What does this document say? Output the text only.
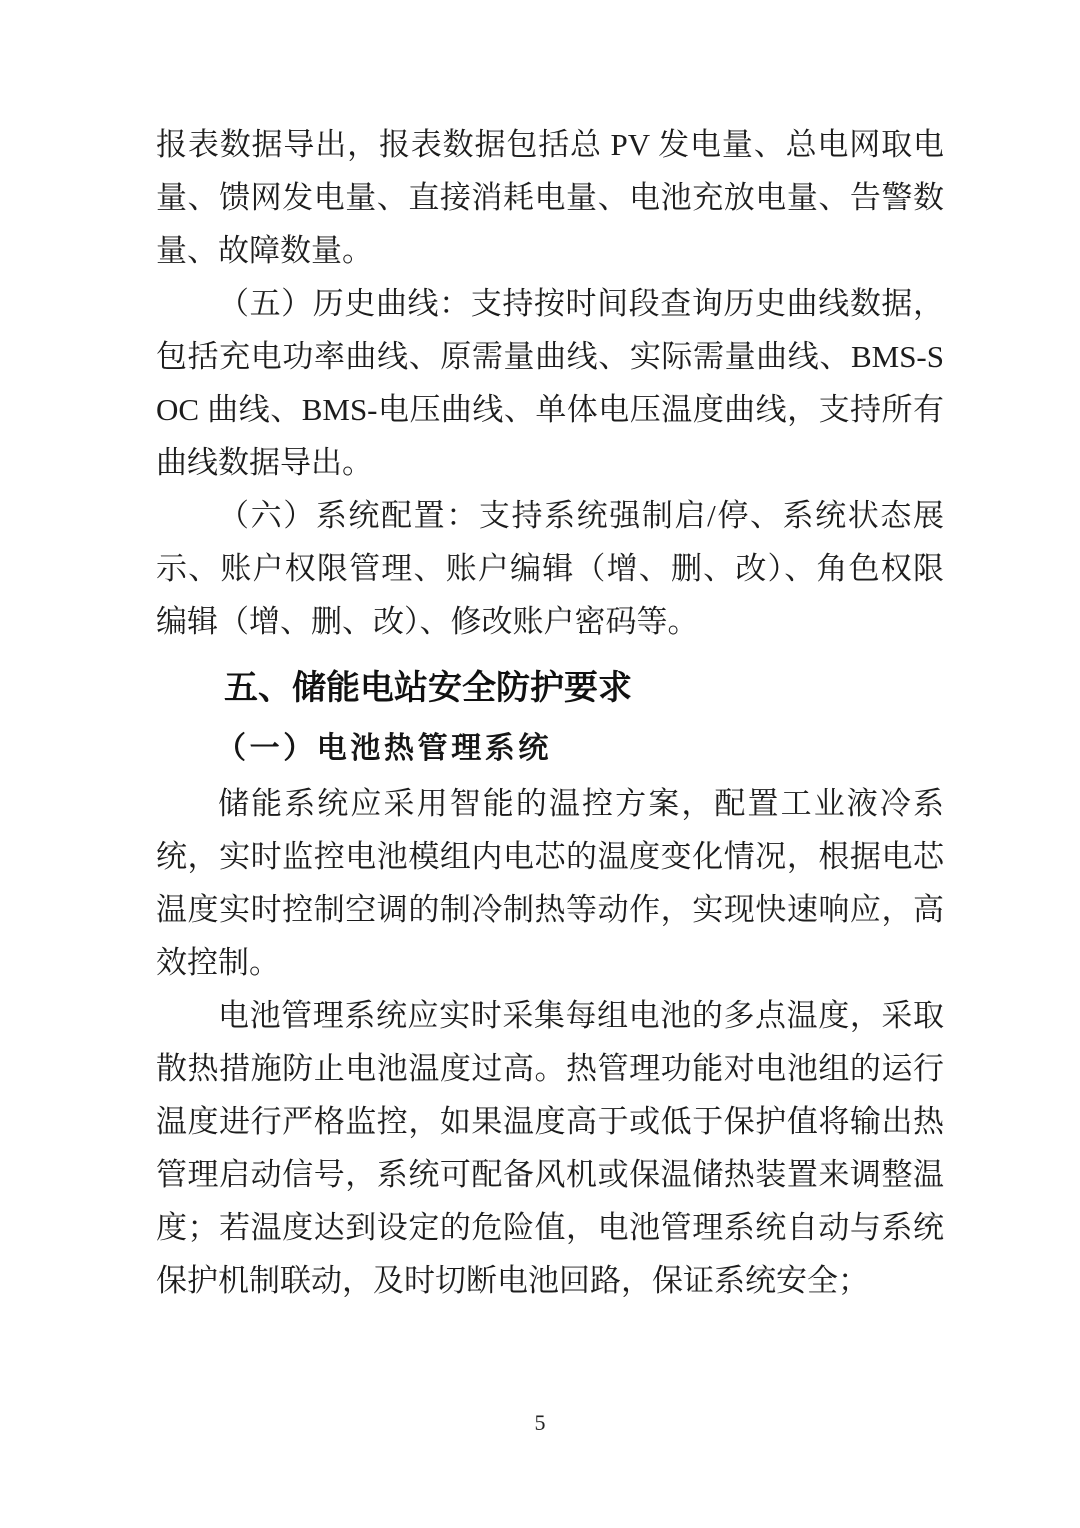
报表数据导出，报表数据包括总 PV 发电量、总电网取电量、馈网发电量、直接消耗电量、电池充放电量、告警数量、故障数量。

（五）历史曲线：支持按时间段查询历史曲线数据，包括充电功率曲线、原需量曲线、实际需量曲线、BMS-SOC 曲线、BMS-电压曲线、单体电压温度曲线，支持所有曲线数据导出。

（六）系统配置：支持系统强制启/停、系统状态展示、账户权限管理、账户编辑（增、删、改）、角色权限编辑（增、删、改）、修改账户密码等。

五、储能电站安全防护要求
（一）电池热管理系统

储能系统应采用智能的温控方案，配置工业液冷系统，实时监控电池模组内电芯的温度变化情况，根据电芯温度实时控制空调的制冷制热等动作，实现快速响应，高效控制。

电池管理系统应实时采集每组电池的多点温度，采取散热措施防止电池温度过高。热管理功能对电池组的运行温度进行严格监控，如果温度高于或低于保护值将输出热管理启动信号，系统可配备风机或保温储热装置来调整温度；若温度达到设定的危险值，电池管理系统自动与系统保护机制联动，及时切断电池回路，保证系统安全；

5
